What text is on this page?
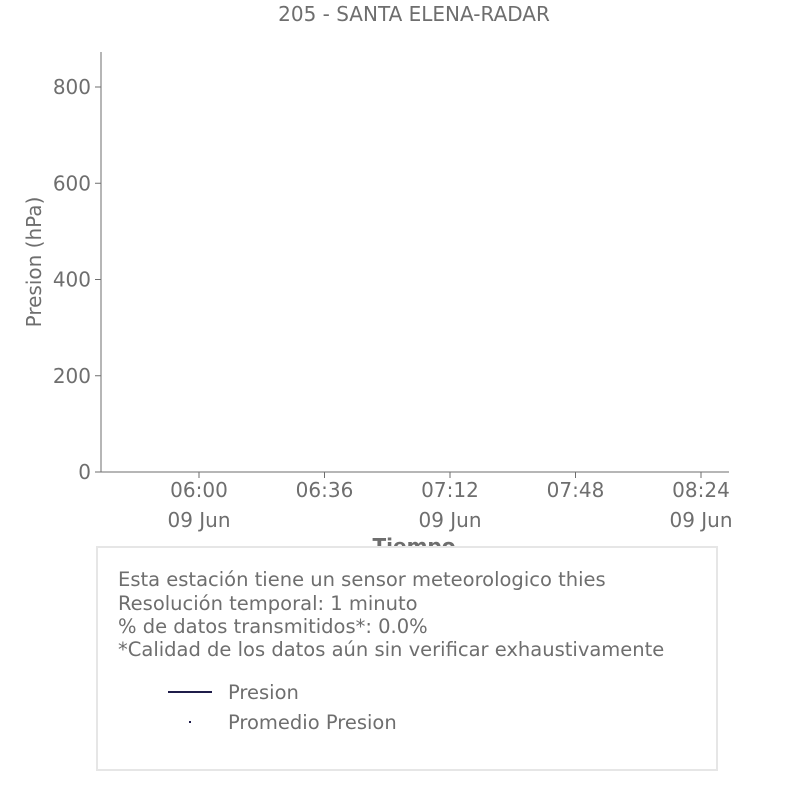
205 - SANTA ELENA-RADAR
0
200
400
600
800
06:00
09 Jun
06:36	07:12
09 Jun
07:48	08:24
09 Jun
Presion (hPa)
Esta estación tiene un sensor meteorologico thies
Resolución temporal: 1 minuto
% de datos transmitidos*: 0.0%
*Calidad de los datos aún sin verificar exhaustivamente
Presion
Promedio Presion
